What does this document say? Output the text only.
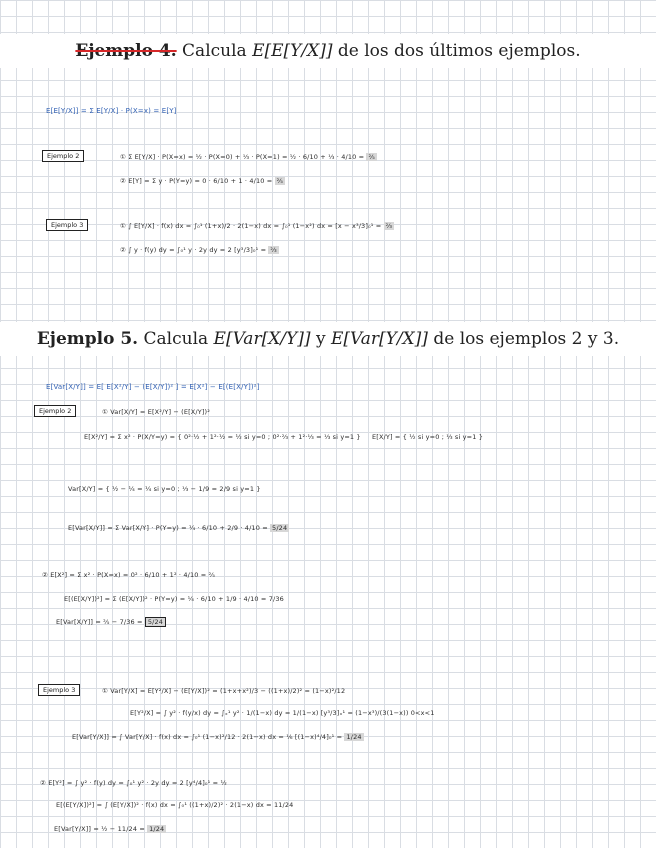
Ejemplo 4.
Calcula
E[E[Y/X]]
de los dos últimos ejemplos.
E[E[Y/X]] = Σ E[Y/X] · P(X=x) = E[Y]
Ejemplo 2	① Σ E[Y/X] · P(X=x) = ½ · P(X=0) + ⅓ · P(X=1) = ½ · 6/10 + ⅓ · 4/10 = ⅖
② E[Y] = Σ y · P(Y=y) = 0 · 6/10 + 1 · 4/10 = ⅖
Ejemplo 3	① ∫ E[Y/X] · f(x) dx = ∫₀¹ (1+x)/2 · 2(1−x) dx = ∫₀¹ (1−x²) dx = [x − x³/3]₀¹ = ⅔
② ∫ y · f(y) dy = ∫₀¹ y · 2y dy = 2 [y³/3]₀¹ = ⅔
Ejemplo 5.
Calcula
E[Var[X/Y]]
y
E[Var[Y/X]]
de los ejemplos 2 y 3.
E[Var[X/Y]] = E[ E[X²/Y] − (E[X/Y])² ] = E[X²] − E[(E[X/Y])²]
Ejemplo 2	① Var[X/Y] = E[X²/Y] − (E[X/Y])²
E[X²/Y] = Σ x² · P(X/Y=y) = { 0²·½ + 1²·½ = ½ si y=0 ; 0²·⅔ + 1²·⅓ = ⅓ si y=1 } E[X/Y] = { ½ si y=0 ; ⅓ si y=1 }
Var[X/Y] = { ½ − ¼ = ¼ si y=0 ; ⅓ − 1/9 = 2/9 si y=1 }
E[Var[X/Y]] = Σ Var[X/Y] · P(Y=y) = ¼ · 6/10 + 2/9 · 4/10 = 5/24
② E[X²] = Σ x² · P(X=x) = 0² · 6/10 + 1² · 4/10 = ⅖
E[(E[X/Y])²] = Σ (E[X/Y])² · P(Y=y) = ¼ · 6/10 + 1/9 · 4/10 = 7/36
E[Var[X/Y]] = ⅖ − 7/36 = 5/24
Ejemplo 3	① Var[Y/X] = E[Y²/X] − (E[Y/X])² = (1+x+x²)/3 − ((1+x)/2)² = (1−x)²/12
E[Y²/X] = ∫ y² · f(y/x) dy = ∫ₓ¹ y² · 1/(1−x) dy = 1/(1−x) [y³/3]ₓ¹ = (1−x³)/(3(1−x)) 0<x<1
E[Var[Y/X]] = ∫ Var[Y/X] · f(x) dx = ∫₀¹ (1−x)²/12 · 2(1−x) dx = ⅙ [(1−x)⁴/4]₀¹ = 1/24
② E[Y²] = ∫ y² · f(y) dy = ∫₀¹ y² · 2y dy = 2 [y⁴/4]₀¹ = ½
E[(E[Y/X])²] = ∫ (E[Y/X])² · f(x) dx = ∫₀¹ ((1+x)/2)² · 2(1−x) dx = 11/24
E[Var[Y/X]] = ½ − 11/24 = 1/24
